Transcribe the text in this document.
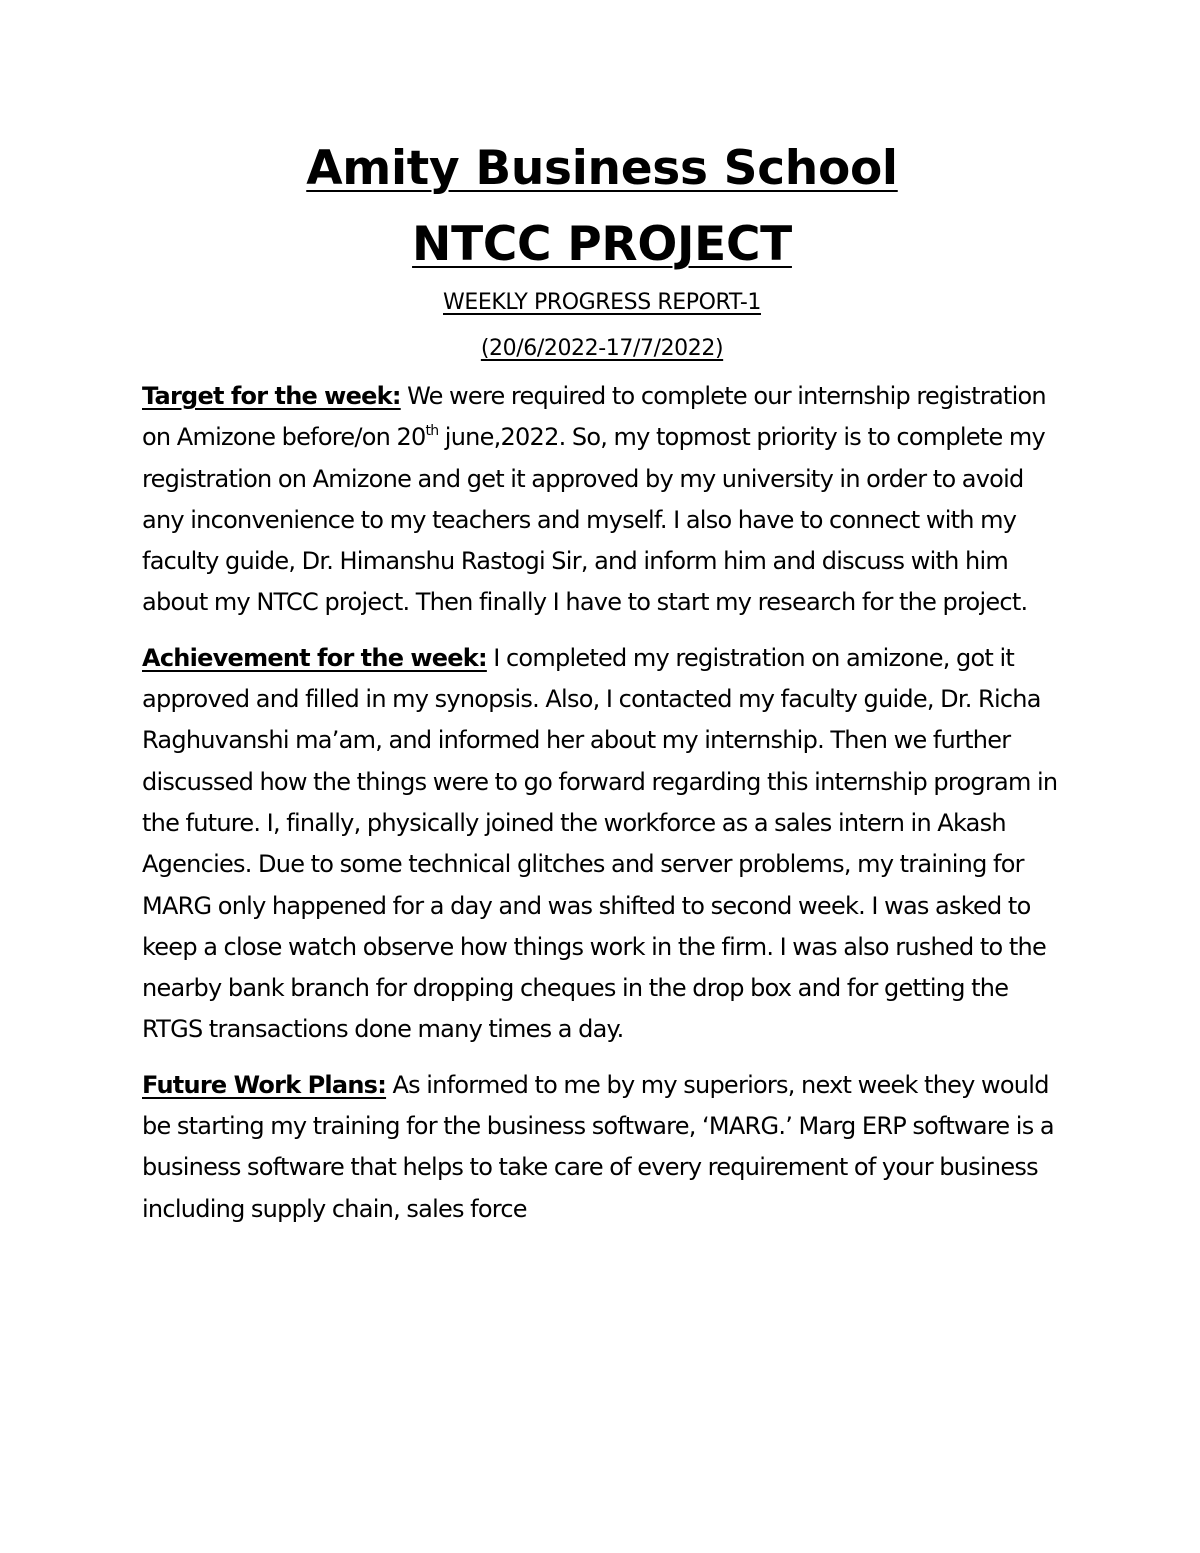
Amity Business School
NTCC PROJECT

WEEKLY PROGRESS REPORT-1

(20/6/2022-17/7/2022)

Target for the week: We were required to complete our internship registration on Amizone before/on 20th june,2022. So, my topmost priority is to complete my registration on Amizone and get it approved by my university in order to avoid any inconvenience to my teachers and myself. I also have to connect with my faculty guide, Dr. Himanshu Rastogi Sir, and inform him and discuss with him about my NTCC project. Then finally I have to start my research for the project.

Achievement for the week: I completed my registration on amizone, got it approved and filled in my synopsis. Also, I contacted my faculty guide, Dr. Richa Raghuvanshi ma’am, and informed her about my internship. Then we further discussed how the things were to go forward regarding this internship program in the future. I, finally, physically joined the workforce as a sales intern in Akash Agencies. Due to some technical glitches and server problems, my training for MARG only happened for a day and was shifted to second week. I was asked to keep a close watch observe how things work in the firm. I was also rushed to the nearby bank branch for dropping cheques in the drop box and for getting the RTGS transactions done many times a day.

Future Work Plans: As informed to me by my superiors, next week they would be starting my training for the business software, ‘MARG.’ Marg ERP software is a business software that helps to take care of every requirement of your business including supply chain, sales force
